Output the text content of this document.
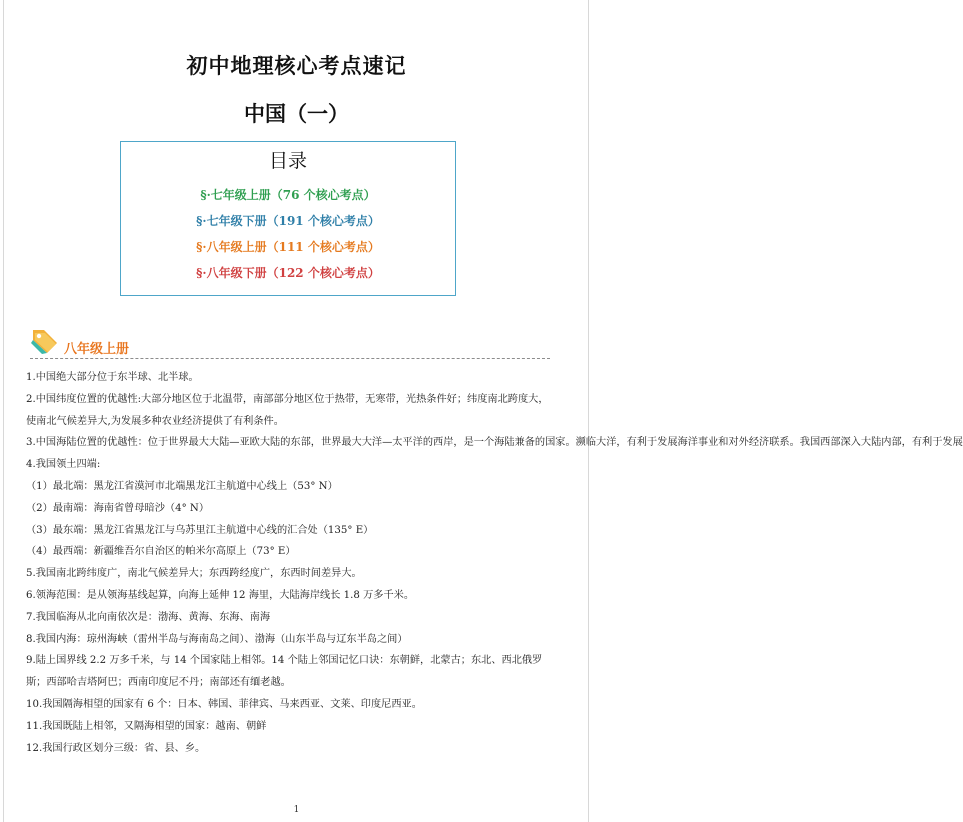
初中地理核心考点速记
中国（一）
目录
§·七年级上册（76 个核心考点）
§·七年级下册（191 个核心考点）
§·八年级上册（111 个核心考点）
§·八年级下册（122 个核心考点）
八年级上册

1.中国绝大部分位于东半球、北半球。

2.中国纬度位置的优越性:大部分地区位于北温带，南部部分地区位于热带，无寒带，光热条件好；纬度南北跨度大，使南北气候差异大,为发展多种农业经济提供了有利条件。

3.中国海陆位置的优越性：位于世界最大大陆—亚欧大陆的东部，世界最大大洋—太平洋的西岸，是一个海陆兼备的国家。濒临大洋，有利于发展海洋事业和对外经济联系。我国西部深入大陆内部，有利于发展

4.我国领土四端:

（1）最北端：黑龙江省漠河市北端黑龙江主航道中心线上（53° N）

（2）最南端：海南省曾母暗沙（4° N）

（3）最东端：黑龙江省黑龙江与乌苏里江主航道中心线的汇合处（135° E）

（4）最西端：新疆维吾尔自治区的帕米尔高原上（73° E）

5.我国南北跨纬度广，南北气候差异大；东西跨经度广，东西时间差异大。

6.领海范围：是从领海基线起算，向海上延伸 12 海里，大陆海岸线长 1.8 万多千米。

7.我国临海从北向南依次是：渤海、黄海、东海、南海

8.我国内海：琼州海峡（雷州半岛与海南岛之间）、渤海（山东半岛与辽东半岛之间）

9.陆上国界线 2.2 万多千米，与 14 个国家陆上相邻。14 个陆上邻国记忆口诀：东朝鲜，北蒙古；东北、西北俄罗斯；西部哈吉塔阿巴；西南印度尼不丹；南部还有缅老越。

10.我国隔海相望的国家有 6 个：日本、韩国、菲律宾、马来西亚、文莱、印度尼西亚。

11.我国既陆上相邻，又隔海相望的国家：越南、朝鲜

12.我国行政区划分三级：省、县、乡。

1
